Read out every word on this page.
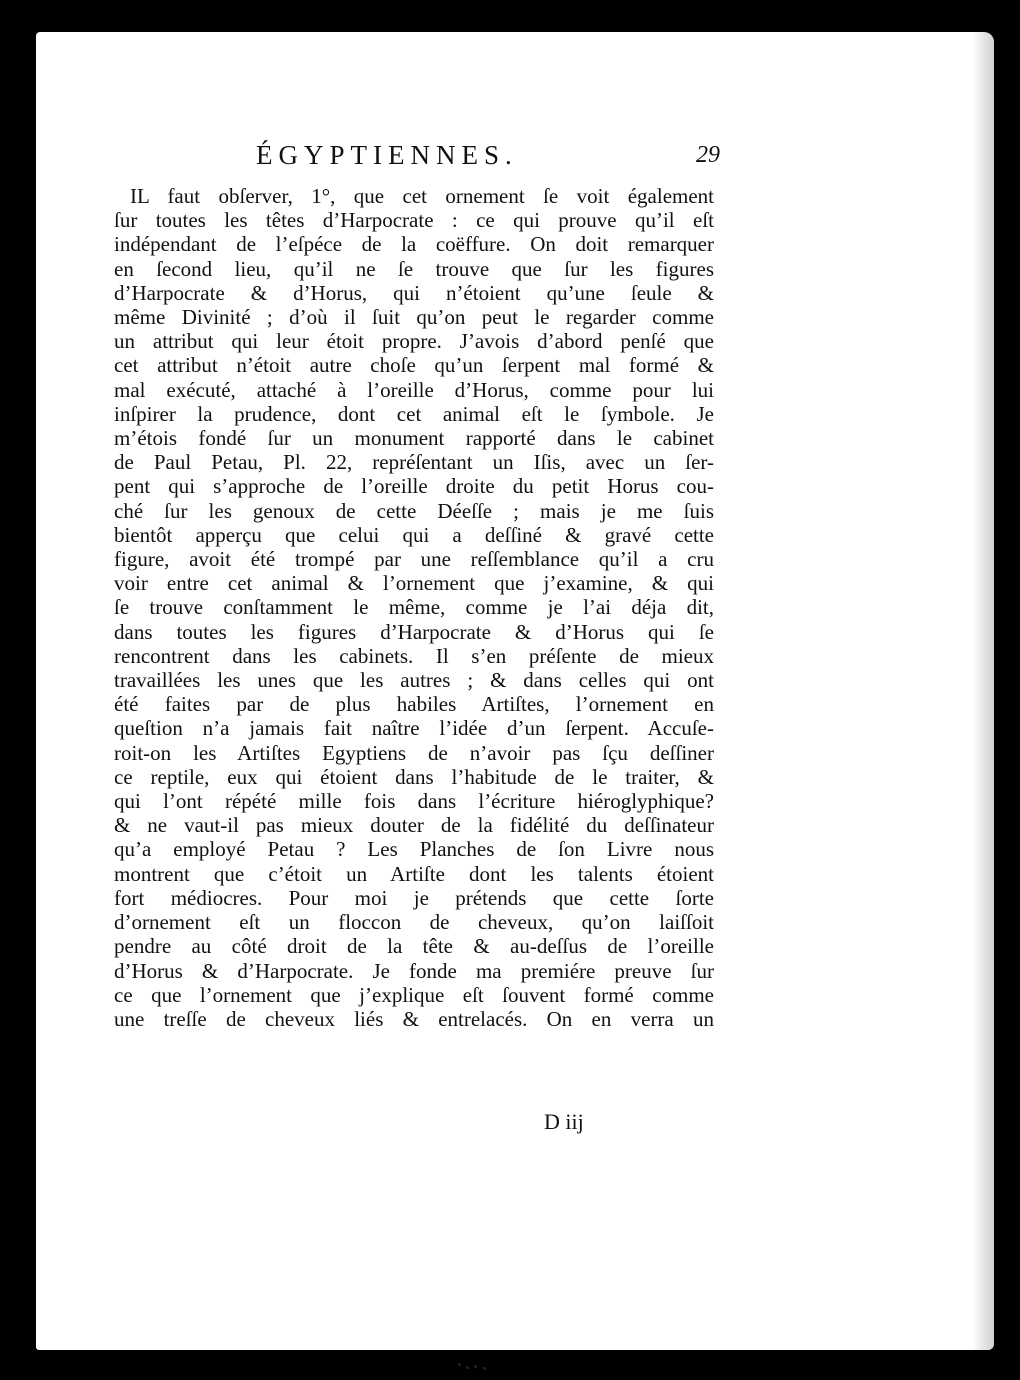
ÉGYPTIENNES.	29
IL faut obſerver, 1°, que cet ornement ſe voit également
ſur toutes les têtes d’Harpocrate : ce qui prouve qu’il eſt
indépendant de l’eſpéce de la coëffure. On doit remarquer
en ſecond lieu, qu’il ne ſe trouve que ſur les figures
d’Harpocrate & d’Horus, qui n’étoient qu’une ſeule &
même Divinité ; d’où il ſuit qu’on peut le regarder comme
un attribut qui leur étoit propre. J’avois d’abord penſé que
cet attribut n’étoit autre choſe qu’un ſerpent mal formé &
mal exécuté, attaché à l’oreille d’Horus, comme pour lui
inſpirer la prudence, dont cet animal eſt le ſymbole. Je
m’étois fondé ſur un monument rapporté dans le cabinet
de Paul Petau, Pl. 22, repréſentant un Iſis, avec un ſer-
pent qui s’approche de l’oreille droite du petit Horus cou-
ché ſur les genoux de cette Déeſſe ; mais je me ſuis
bientôt apperçu que celui qui a deſſiné & gravé cette
figure, avoit été trompé par une reſſemblance qu’il a cru
voir entre cet animal & l’ornement que j’examine, & qui
ſe trouve conſtamment le même, comme je l’ai déja dit,
dans toutes les figures d’Harpocrate & d’Horus qui ſe
rencontrent dans les cabinets. Il s’en préſente de mieux
travaillées les unes que les autres ; & dans celles qui ont
été faites par de plus habiles Artiſtes, l’ornement en
queſtion n’a jamais fait naître l’idée d’un ſerpent. Accuſe-
roit-on les Artiſtes Egyptiens de n’avoir pas ſçu deſſiner
ce reptile, eux qui étoient dans l’habitude de le traiter, &
qui l’ont répété mille fois dans l’écriture hiéroglyphique?
& ne vaut-il pas mieux douter de la fidélité du deſſinateur
qu’a employé Petau ? Les Planches de ſon Livre nous
montrent que c’étoit un Artiſte dont les talents étoient
fort médiocres. Pour moi je prétends que cette ſorte
d’ornement eſt un floccon de cheveux, qu’on laiſſoit
pendre au côté droit de la tête & au-deſſus de l’oreille
d’Horus & d’Harpocrate. Je fonde ma premiére preuve ſur
ce que l’ornement que j’explique eſt ſouvent formé comme
une treſſe de cheveux liés & entrelacés. On en verra un
D iij
